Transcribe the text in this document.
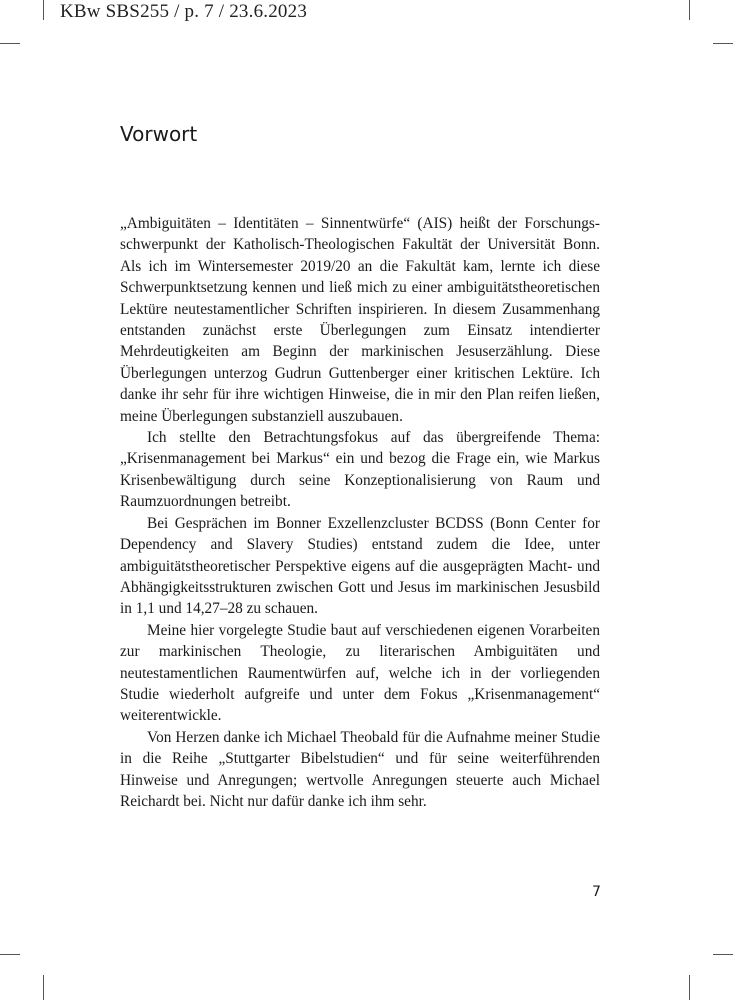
KBw SBS255 / p. 7 / 23.6.2023
Vorwort

„Ambiguitäten – Identitäten – Sinnentwürfe“ (AIS) heißt der Forschungsschwerpunkt der Katholisch-Theologischen Fakultät der Universität Bonn. Als ich im Wintersemester 2019/20 an die Fakultät kam, lernte ich diese Schwerpunktsetzung kennen und ließ mich zu einer ambiguitätstheoretischen Lektüre neutestamentlicher Schriften inspirieren. In diesem Zusammenhang entstanden zunächst erste Überlegungen zum Einsatz intendierter Mehrdeutigkeiten am Beginn der markinischen Jesuserzählung. Diese Überlegungen unterzog Gudrun Guttenberger einer kritischen Lektüre. Ich danke ihr sehr für ihre wichtigen Hinweise, die in mir den Plan reifen ließen, meine Überlegungen substanziell auszubauen.

Ich stellte den Betrachtungsfokus auf das übergreifende Thema: „Krisenmanagement bei Markus“ ein und bezog die Frage ein, wie Markus Krisenbewältigung durch seine Konzeptionalisierung von Raum und Raumzuordnungen betreibt.

Bei Gesprächen im Bonner Exzellenzcluster BCDSS (Bonn Center for Dependency and Slavery Studies) entstand zudem die Idee, unter ambiguitätstheoretischer Perspektive eigens auf die ausgeprägten Macht- und Abhängigkeitsstrukturen zwischen Gott und Jesus im markinischen Jesusbild in 1,1 und 14,27–28 zu schauen.

Meine hier vorgelegte Studie baut auf verschiedenen eigenen Vorarbeiten zur markinischen Theologie, zu literarischen Ambiguitäten und neutestamentlichen Raumentwürfen auf, welche ich in der vorliegenden Studie wiederholt aufgreife und unter dem Fokus „Krisenmanagement“ weiterentwickle.

Von Herzen danke ich Michael Theobald für die Aufnahme meiner Studie in die Reihe „Stuttgarter Bibelstudien“ und für seine weiterführenden Hinweise und Anregungen; wertvolle Anregungen steuerte auch Michael Reichardt bei. Nicht nur dafür danke ich ihm sehr.

7
